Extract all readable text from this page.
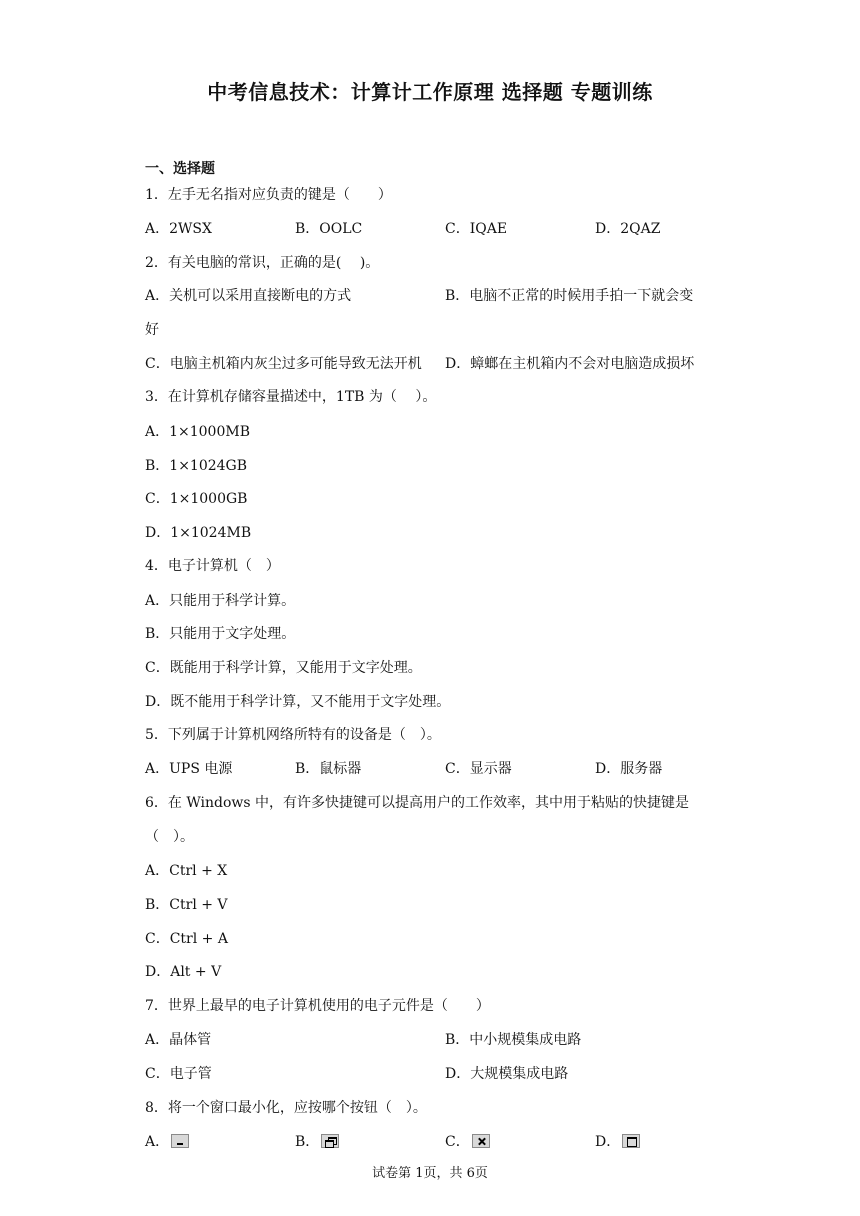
中考信息技术：计算计工作原理 选择题 专题训练
一、选择题
1．左手无名指对应负责的键是（　　）
A．2WSX	B．OOLC	C．IQAE	D．2QAZ
2．有关电脑的常识，正确的是(　 )。
A．关机可以采用直接断电的方式	B．电脑不正常的时候用手拍一下就会变
好
C．电脑主机箱内灰尘过多可能导致无法开机 D．蟑螂在主机箱内不会对电脑造成损坏
3．在计算机存储容量描述中，1TB 为（　 ）。
A．1×1000MB
B．1×1024GB
C．1×1000GB
D．1×1024MB
4．电子计算机（　）
A．只能用于科学计算。
B．只能用于文字处理。
C．既能用于科学计算，又能用于文字处理。
D．既不能用于科学计算，又不能用于文字处理。
5．下列属于计算机网络所特有的设备是（　）。
A．UPS 电源	B．鼠标器	C．显示器	D．服务器
6．在 Windows 中，有许多快捷键可以提高用户的工作效率，其中用于粘贴的快捷键是
（　）。
A．Ctrl + X
B．Ctrl + V
C．Ctrl + A
D．Alt + V
7．世界上最早的电子计算机使用的电子元件是（　　）
A．晶体管	B．中小规模集成电路
C．电子管	D．大规模集成电路
8．将一个窗口最小化，应按哪个按钮（　）。
A．	B．	C．	D．
试卷第 1页，共 6页
